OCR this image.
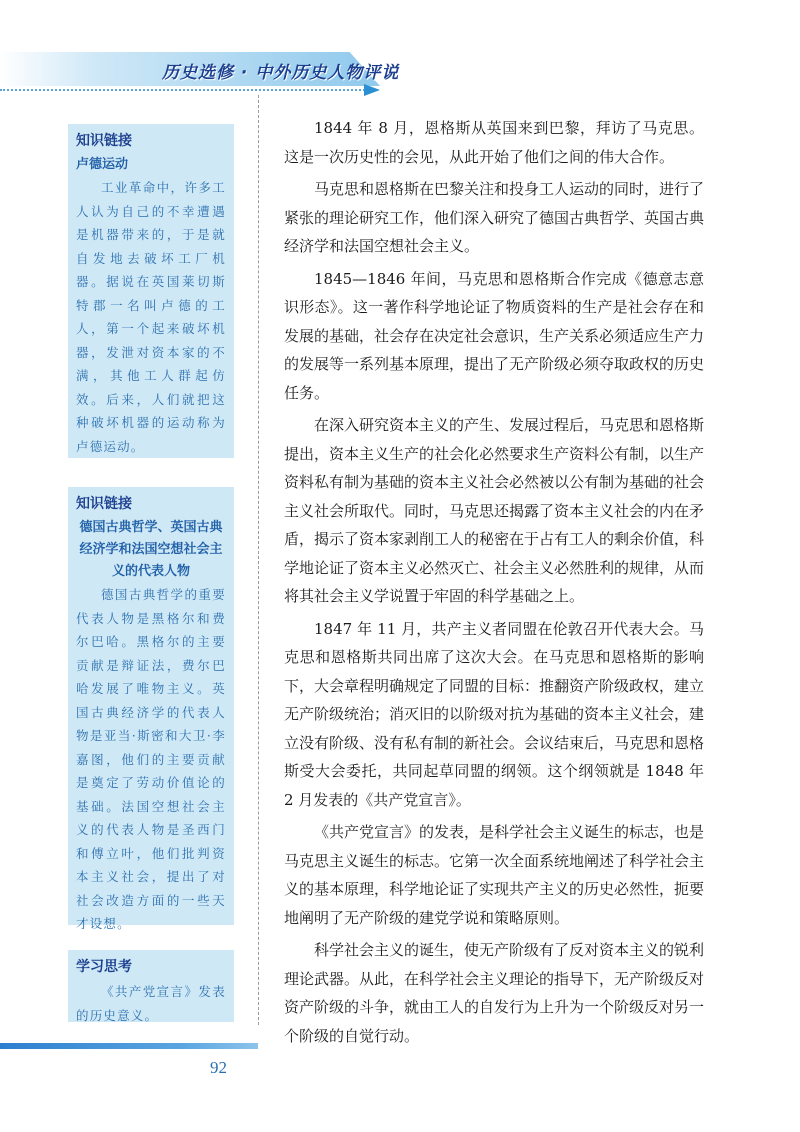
历史选修 · 中外历史人物评说
知识链接
卢德运动
工业革命中，许多工人认为自己的不幸遭遇是机器带来的，于是就自发地去破坏工厂机器。据说在英国莱切斯特郡一名叫卢德的工人，第一个起来破坏机器，发泄对资本家的不满，其他工人群起仿效。后来，人们就把这种破坏机器的运动称为卢德运动。
知识链接
德国古典哲学、英国古典经济学和法国空想社会主义的代表人物
德国古典哲学的重要代表人物是黑格尔和费尔巴哈。黑格尔的主要贡献是辩证法，费尔巴哈发展了唯物主义。英国古典经济学的代表人物是亚当·斯密和大卫·李嘉图，他们的主要贡献是奠定了劳动价值论的基础。法国空想社会主义的代表人物是圣西门和傅立叶，他们批判资本主义社会，提出了对社会改造方面的一些天才设想。
学习思考
《共产党宣言》发表的历史意义。

1844 年 8 月，恩格斯从英国来到巴黎，拜访了马克思。这是一次历史性的会见，从此开始了他们之间的伟大合作。

马克思和恩格斯在巴黎关注和投身工人运动的同时，进行了紧张的理论研究工作，他们深入研究了德国古典哲学、英国古典经济学和法国空想社会主义。

1845—1846 年间，马克思和恩格斯合作完成《德意志意识形态》。这一著作科学地论证了物质资料的生产是社会存在和发展的基础，社会存在决定社会意识，生产关系必须适应生产力的发展等一系列基本原理，提出了无产阶级必须夺取政权的历史任务。

在深入研究资本主义的产生、发展过程后，马克思和恩格斯提出，资本主义生产的社会化必然要求生产资料公有制，以生产资料私有制为基础的资本主义社会必然被以公有制为基础的社会主义社会所取代。同时，马克思还揭露了资本主义社会的内在矛盾，揭示了资本家剥削工人的秘密在于占有工人的剩余价值，科学地论证了资本主义必然灭亡、社会主义必然胜利的规律，从而将其社会主义学说置于牢固的科学基础之上。

1847 年 11 月，共产主义者同盟在伦敦召开代表大会。马克思和恩格斯共同出席了这次大会。在马克思和恩格斯的影响下，大会章程明确规定了同盟的目标：推翻资产阶级政权，建立无产阶级统治；消灭旧的以阶级对抗为基础的资本主义社会，建立没有阶级、没有私有制的新社会。会议结束后，马克思和恩格斯受大会委托，共同起草同盟的纲领。这个纲领就是 1848 年 2 月发表的《共产党宣言》。

《共产党宣言》的发表，是科学社会主义诞生的标志，也是马克思主义诞生的标志。它第一次全面系统地阐述了科学社会主义的基本原理，科学地论证了实现共产主义的历史必然性，扼要地阐明了无产阶级的建党学说和策略原则。

科学社会主义的诞生，使无产阶级有了反对资本主义的锐利理论武器。从此，在科学社会主义理论的指导下，无产阶级反对资产阶级的斗争，就由工人的自发行为上升为一个阶级反对另一个阶级的自觉行动。

92
